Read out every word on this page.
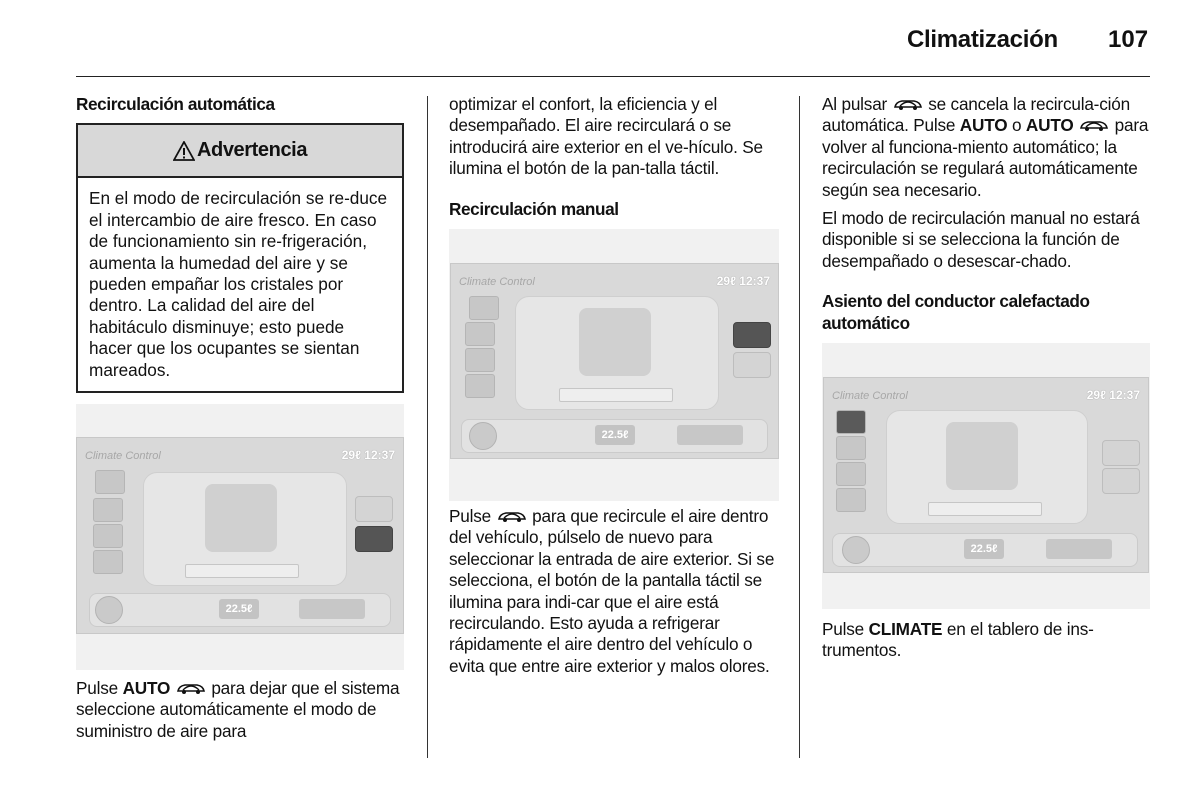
Climatización 107
Recirculación automática
Advertencia
En el modo de recirculación se re-duce el intercambio de aire fresco. En caso de funcionamiento sin re-frigeración, aumenta la humedad del aire y se pueden empañar los cristales por dentro. La calidad del aire del habitáculo disminuye; esto puede hacer que los ocupantes se sientan mareados.
Climate Control	29ℓ 12:37
22.5ℓ

Pulse AUTO
para dejar que el sistema seleccione automáticamente el modo de suministro de aire para

optimizar el confort, la eficiencia y el desempañado. El aire recirculará o se introducirá aire exterior en el ve-hículo. Se ilumina el botón de la pan-talla táctil.

Recirculación manual
Climate Control	29ℓ 12:37
22.5ℓ

Pulse
para que recircule el aire dentro del vehículo, púlselo de nuevo para seleccionar la entrada de aire exterior. Si se selecciona, el botón de la pantalla táctil se ilumina para indi-car que el aire está recirculando. Esto ayuda a refrigerar rápidamente el aire dentro del vehículo o evita que entre aire exterior y malos olores.

Al pulsar
se cancela la recircula-ción automática. Pulse AUTO o AUTO
para volver al funciona-miento automático; la recirculación se regulará automáticamente según sea necesario.

El modo de recirculación manual no estará disponible si se selecciona la función de desempañado o desescar-chado.

Asiento del conductor calefactado automático
Climate Control	29ℓ 12:37
22.5ℓ

Pulse CLIMATE en el tablero de ins-trumentos.
